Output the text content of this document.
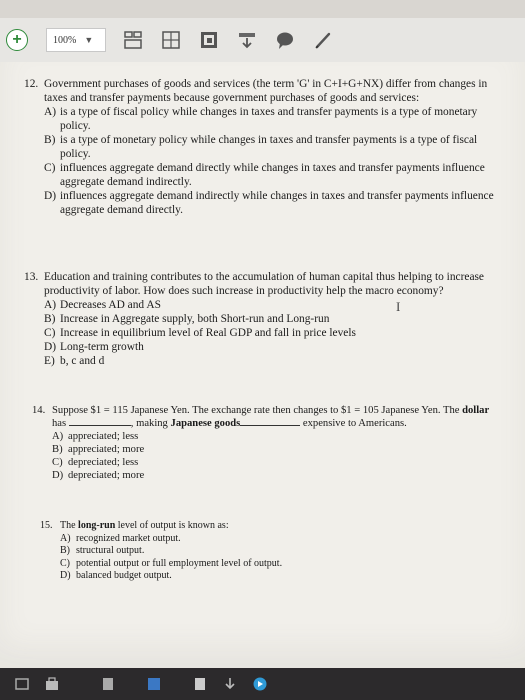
+	100% ▼
12. Government purchases of goods and services (the term 'G' in C+I+G+NX) differ from changes in taxes and transfer payments because government purchases of goods and services:
A) is a type of fiscal policy while changes in taxes and transfer payments is a type of monetary policy.
B) is a type of monetary policy while changes in taxes and transfer payments is a type of fiscal policy.
C) influences aggregate demand directly while changes in taxes and transfer payments influence aggregate demand indirectly.
D) influences aggregate demand indirectly while changes in taxes and transfer payments influence aggregate demand directly.
13. Education and training contributes to the accumulation of human capital thus helping to increase productivity of labor. How does such increase in productivity help the macro economy?
A) Decreases AD and AS
B) Increase in Aggregate supply, both Short-run and Long-run
C) Increase in equilibrium level of Real GDP and fall in price levels
D) Long-term growth
E) b, c and d
I
14. Suppose $1 = 115 Japanese Yen. The exchange rate then changes to $1 = 105 Japanese Yen. The dollar has	, making Japanese goods	expensive to Americans.
A) appreciated; less
B) appreciated; more
C) depreciated; less
D) depreciated; more
15. The long-run level of output is known as:
A) recognized market output.
B) structural output.
C) potential output or full employment level of output.
D) balanced budget output.
